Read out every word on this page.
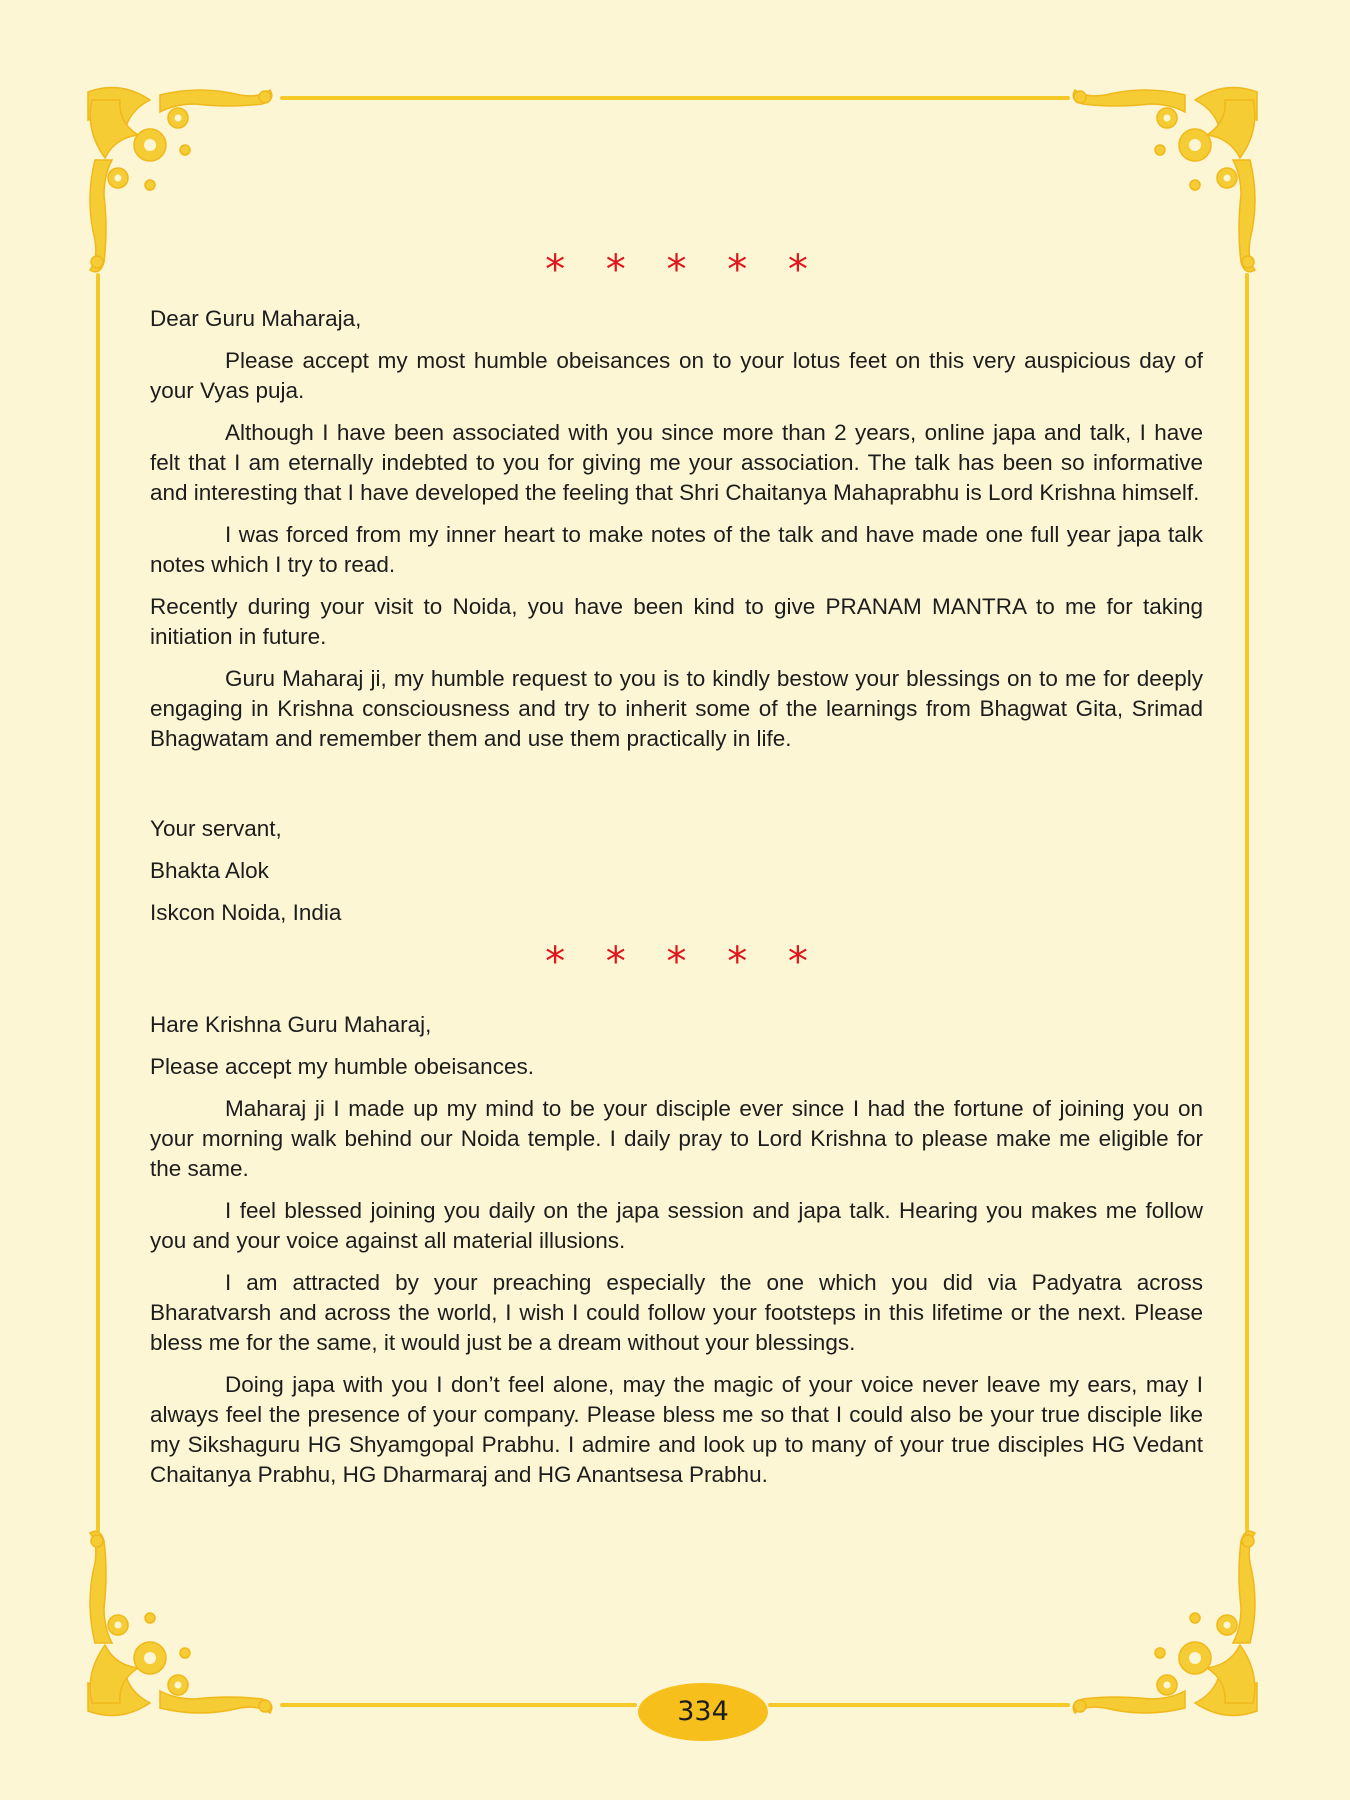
* * * * *

Dear Guru Maharaja,

Please accept my most humble obeisances on to your lotus feet on this very auspicious day of your Vyas puja.

Although I have been associated with you since more than 2 years, online japa and talk, I have felt that I am eternally indebted to you for giving me your association. The talk has been so informative and interesting that I have developed the feeling that Shri Chaitanya Mahaprabhu is Lord Krishna himself.

I was forced from my inner heart to make notes of the talk and have made one full year japa talk notes which I try to read.

Recently during your visit to Noida, you have been kind to give PRANAM MANTRA to me for taking initiation in future.

Guru Maharaj ji, my humble request to you is to kindly bestow your blessings on to me for deeply engaging in Krishna consciousness and try to inherit some of the learnings from Bhagwat Gita, Srimad Bhagwatam and remember them and use them practically in life.

Your servant,

Bhakta Alok

Iskcon Noida, India

* * * * *

Hare Krishna Guru Maharaj,

Please accept my humble obeisances.

Maharaj ji I made up my mind to be your disciple ever since I had the fortune of joining you on your morning walk behind our Noida temple. I daily pray to Lord Krishna to please make me eligible for the same.

I feel blessed joining you daily on the japa session and japa talk. Hearing you makes me follow you and your voice against all material illusions.

I am attracted by your preaching especially the one which you did via Padyatra across Bharatvarsh and across the world, I wish I could follow your footsteps in this lifetime or the next. Please bless me for the same, it would just be a dream without your blessings.

Doing japa with you I don’t feel alone, may the magic of your voice never leave my ears, may I always feel the presence of your company. Please bless me so that I could also be your true disciple like my Sikshaguru HG Shyamgopal Prabhu. I admire and look up to many of your true disciples HG Vedant Chaitanya Prabhu, HG Dharmaraj and HG Anantsesa Prabhu.

334
